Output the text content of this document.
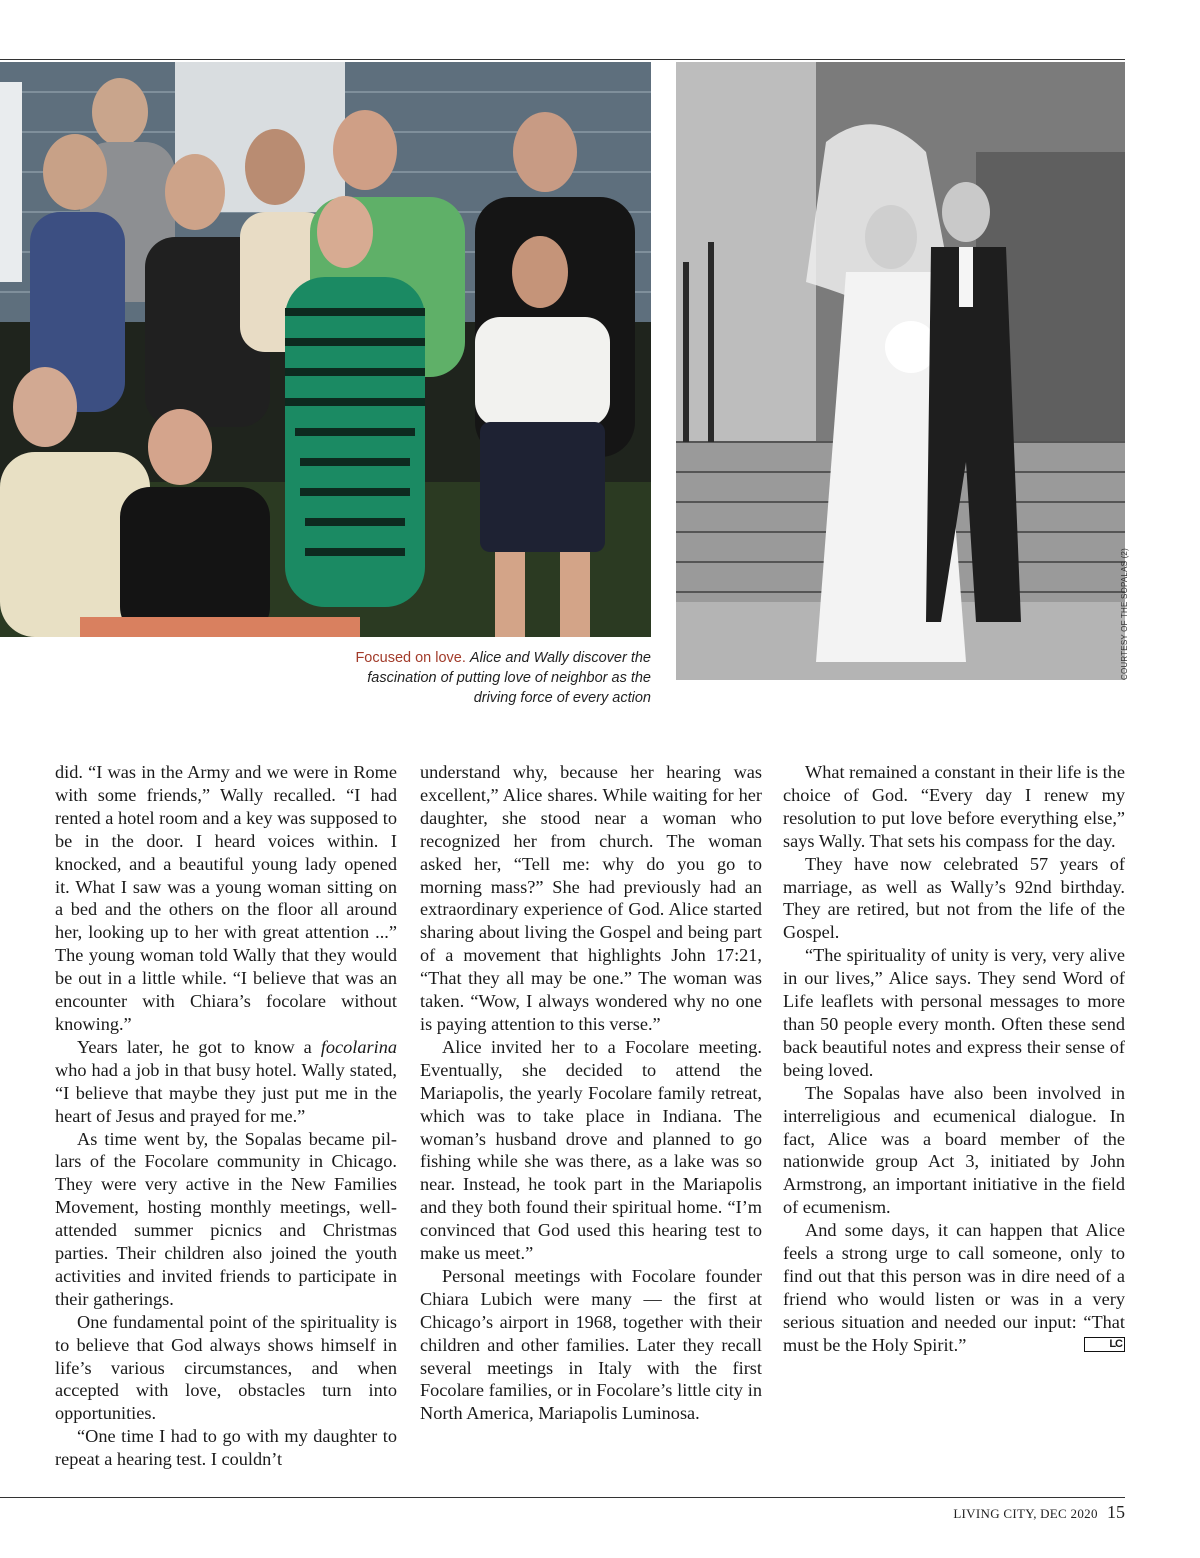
COURTESY OF THE SOPALAS (2)
Focused on love. Alice and Wally discover the fascination of putting love of neighbor as the driving force of every action

did. “I was in the Army and we were in Rome with some friends,” Wally recalled. “I had rented a hotel room and a key was supposed to be in the door. I heard voices within. I knocked, and a beautiful young lady opened it. What I saw was a young woman sitting on a bed and the others on the floor all around her, looking up to her with great attention ...” The young woman told Wally that they would be out in a little while. “I believe that was an encounter with Chiara’s focolare without knowing.”

Years later, he got to know a focolarina who had a job in that busy hotel. Wally stated, “I believe that maybe they just put me in the heart of Jesus and prayed for me.”

As time went by, the Sopalas became pillars of the Focolare community in Chicago. They were very active in the New Families Movement, hosting monthly meetings, well-attended summer picnics and Christmas parties. Their children also joined the youth activities and invited friends to participate in their gatherings.

One fundamental point of the spirituality is to believe that God always shows himself in life’s various circumstances, and when accepted with love, obstacles turn into opportunities.

“One time I had to go with my daughter to repeat a hearing test. I couldn’t

understand why, because her hearing was excellent,” Alice shares. While waiting for her daughter, she stood near a woman who recognized her from church. The woman asked her, “Tell me: why do you go to morning mass?” She had previously had an extraordinary experience of God. Alice started sharing about living the Gospel and being part of a movement that highlights John 17:21, “That they all may be one.” The woman was taken. “Wow, I always wondered why no one is paying attention to this verse.”

Alice invited her to a Focolare meeting. Eventually, she decided to attend the Mariapolis, the yearly Focolare family retreat, which was to take place in Indiana. The woman’s husband drove and planned to go fishing while she was there, as a lake was so near. Instead, he took part in the Mariapolis and they both found their spiritual home. “I’m convinced that God used this hearing test to make us meet.”

Personal meetings with Focolare founder Chiara Lubich were many — the first at Chicago’s airport in 1968, together with their children and other families. Later they recall several meetings in Italy with the first Focolare families, or in Focolare’s little city in North America, Mariapolis Luminosa.

What remained a constant in their life is the choice of God. “Every day I renew my resolution to put love before everything else,” says Wally. That sets his compass for the day.

They have now celebrated 57 years of marriage, as well as Wally’s 92nd birthday. They are retired, but not from the life of the Gospel.

“The spirituality of unity is very, very alive in our lives,” Alice says. They send Word of Life leaflets with personal messages to more than 50 people every month. Often these send back beautiful notes and express their sense of being loved.

The Sopalas have also been involved in interreligious and ecumenical dialogue. In fact, Alice was a board member of the nationwide group Act 3, initiated by John Armstrong, an important initiative in the field of ecumenism.

And some days, it can happen that Alice feels a strong urge to call someone, only to find out that this person was in dire need of a friend who would listen or was in a very serious situation and needed our input: “That must be the Holy Spirit.”	LC

LIVING CITY, DEC 2020 15
